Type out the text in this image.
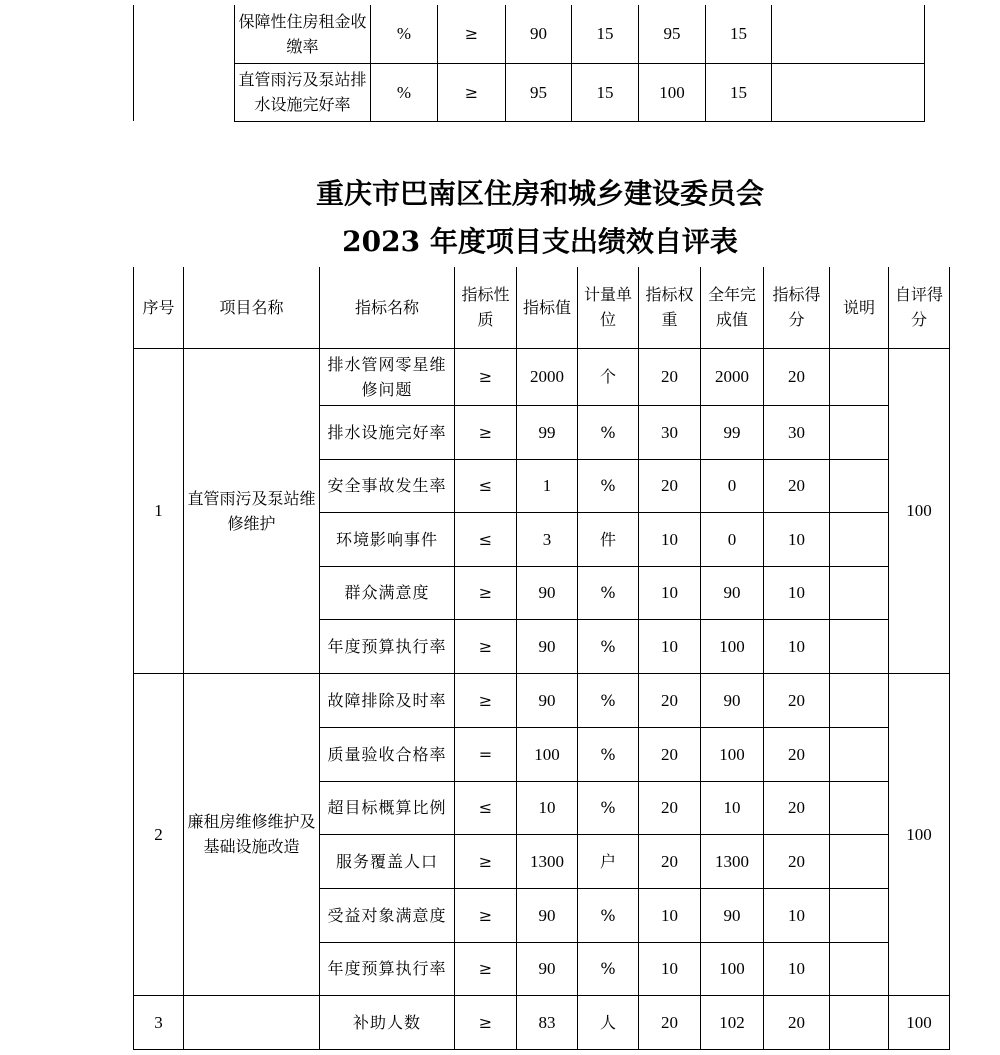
	保障性住房租金收缴率	%	≥	90	15	95	15	
	直管雨污及泵站排水设施完好率	%	≥	95	15	100	15	
重庆市巴南区住房和城乡建设委员会
2023 年度项目支出绩效自评表
序号	项目名称	指标名称	指标性质	指标值	计量单位	指标权重	全年完成值	指标得分	说明	自评得分
1	直管雨污及泵站维修维护	排水管网零星维修问题	≥	2000	个	20	2000	20		100
		排水设施完好率	≥	99	%	30	99	30		
		安全事故发生率	≤	1	%	20	0	20		
		环境影响事件	≤	3	件	10	0	10		
		群众满意度	≥	90	%	10	90	10		
		年度预算执行率	≥	90	%	10	100	10		
2	廉租房维修维护及基础设施改造	故障排除及时率	≥	90	%	20	90	20		100
		质量验收合格率	=	100	%	20	100	20		
		超目标概算比例	≤	10	%	20	10	20		
		服务覆盖人口	≥	1300	户	20	1300	20		
		受益对象满意度	≥	90	%	10	90	10		
		年度预算执行率	≥	90	%	10	100	10		
3		补助人数	≥	83	人	20	102	20		100
